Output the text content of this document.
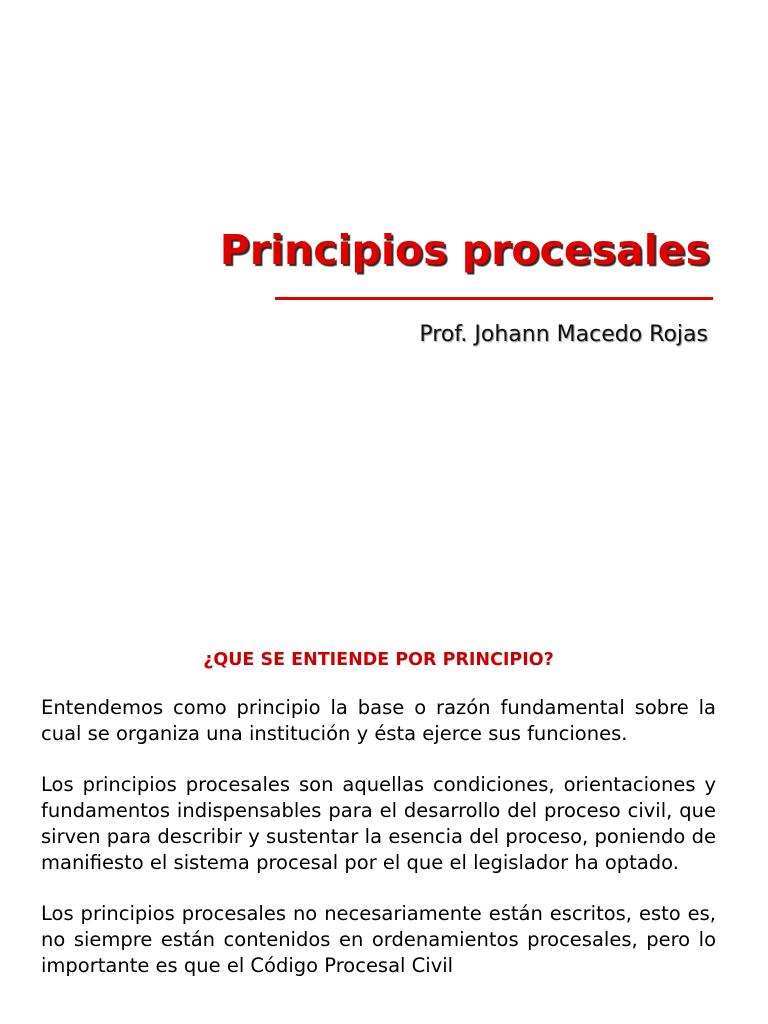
Principios procesales

Prof. Johann Macedo Rojas

¿QUE SE ENTIENDE POR PRINCIPIO?

Entendemos como principio la base o razón fundamental sobre la cual se organiza una institución y ésta ejerce sus funciones.

Los principios procesales son aquellas condiciones, orientaciones y fundamentos indispensables para el desarrollo del proceso civil, que sirven para describir y sustentar la esencia del proceso, poniendo de manifiesto el sistema procesal por el que el legislador ha optado.

Los principios procesales no necesariamente están escritos, esto es, no siempre están contenidos en ordenamientos procesales, pero lo importante es que el Código Procesal Civil
